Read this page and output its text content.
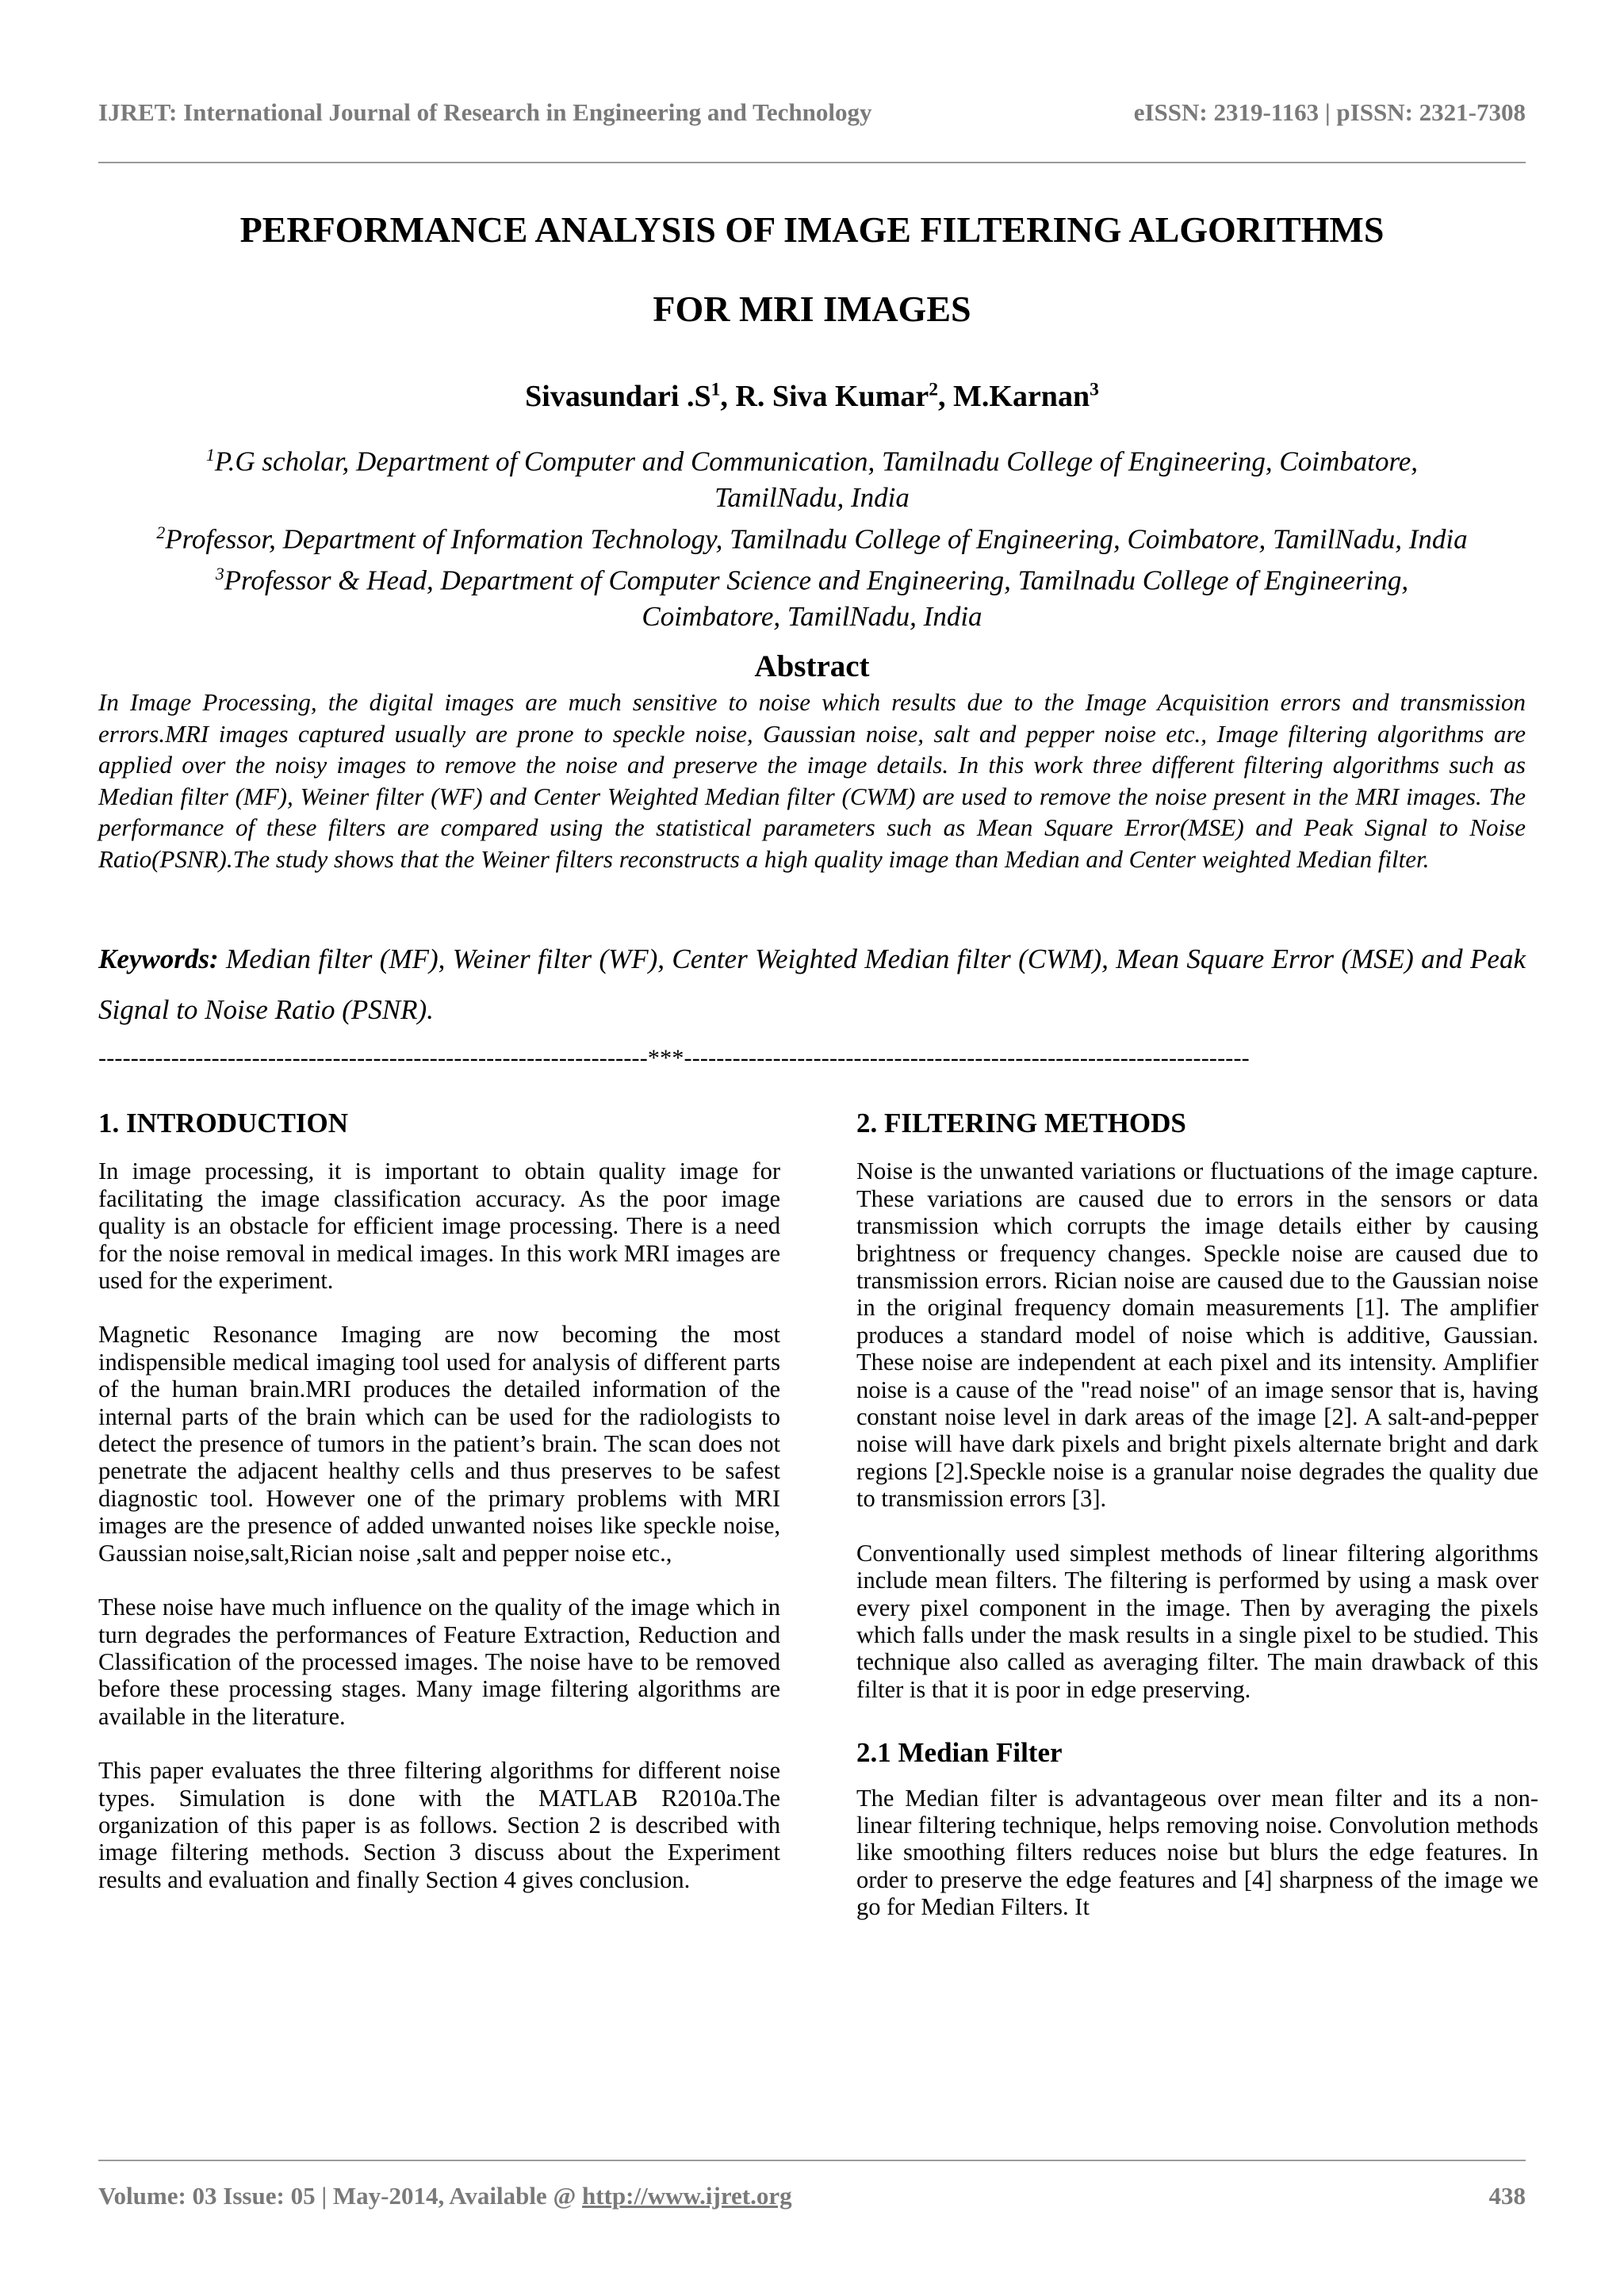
IJRET: International Journal of Research in Engineering and Technology	eISSN: 2319-1163 | pISSN: 2321-7308
PERFORMANCE ANALYSIS OF IMAGE FILTERING ALGORITHMS
FOR MRI IMAGES
Sivasundari $.S^1$, R. Siva Kumar$^2$, M.Karnan$^3$
$^1$P.G scholar, Department of Computer and Communication, Tamilnadu College of Engineering, Coimbatore,
TamilNadu, India
$^2$Professor, Department of Information Technology, Tamilnadu College of Engineering, Coimbatore, TamilNadu, India
$^3$Professor & Head, Department of Computer Science and Engineering, Tamilnadu College of Engineering,
Coimbatore, TamilNadu, India
Abstract
In Image Processing, the digital images are much sensitive to noise which results due to the Image Acquisition errors and transmission errors.MRI images captured usually are prone to speckle noise, Gaussian noise, salt and pepper noise etc., Image filtering algorithms are applied over the noisy images to remove the noise and preserve the image details. In this work three different filtering algorithms such as Median filter (MF), Weiner filter (WF) and Center Weighted Median filter (CWM) are used to remove the noise present in the MRI images. The performance of these filters are compared using the statistical parameters such as Mean Square Error(MSE) and Peak Signal to Noise Ratio(PSNR).The study shows that the Weiner filters reconstructs a high quality image than Median and Center weighted Median filter.
Keywords: Median filter (MF), Weiner filter (WF), Center Weighted Median filter (CWM), Mean Square Error (MSE) and Peak Signal to Noise Ratio (PSNR).
--------------------------------------------------------------------***----------------------------------------------------------------------
1. INTRODUCTION

In image processing, it is important to obtain quality image for facilitating the image classification accuracy. As the poor image quality is an obstacle for efficient image processing. There is a need for the noise removal in medical images. In this work MRI images are used for the experiment.

Magnetic Resonance Imaging are now becoming the most indispensible medical imaging tool used for analysis of different parts of the human brain.MRI produces the detailed information of the internal parts of the brain which can be used for the radiologists to detect the presence of tumors in the patient’s brain. The scan does not penetrate the adjacent healthy cells and thus preserves to be safest diagnostic tool. However one of the primary problems with MRI images are the presence of added unwanted noises like speckle noise, Gaussian noise,salt,Rician noise ,salt and pepper noise etc.,

These noise have much influence on the quality of the image which in turn degrades the performances of Feature Extraction, Reduction and Classification of the processed images. The noise have to be removed before these processing stages. Many image filtering algorithms are available in the literature.

This paper evaluates the three filtering algorithms for different noise types. Simulation is done with the MATLAB R2010a.The organization of this paper is as follows. Section 2 is described with image filtering methods. Section 3 discuss about the Experiment results and evaluation and finally Section 4 gives conclusion.

2. FILTERING METHODS

Noise is the unwanted variations or fluctuations of the image capture. These variations are caused due to errors in the sensors or data transmission which corrupts the image details either by causing brightness or frequency changes. Speckle noise are caused due to transmission errors. Rician noise are caused due to the Gaussian noise in the original frequency domain measurements [1]. The amplifier produces a standard model of noise which is additive, Gaussian. These noise are independent at each pixel and its intensity. Amplifier noise is a cause of the "read noise" of an image sensor that is, having constant noise level in dark areas of the image [2]. A salt-and-pepper noise will have dark pixels and bright pixels alternate bright and dark regions [2].Speckle noise is a granular noise degrades the quality due to transmission errors [3].

Conventionally used simplest methods of linear filtering algorithms include mean filters. The filtering is performed by using a mask over every pixel component in the image. Then by averaging the pixels which falls under the mask results in a single pixel to be studied. This technique also called as averaging filter. The main drawback of this filter is that it is poor in edge preserving.

2.1 Median Filter

The Median filter is advantageous over mean filter and its a non-linear filtering technique, helps removing noise. Convolution methods like smoothing filters reduces noise but blurs the edge features. In order to preserve the edge features and [4] sharpness of the image we go for Median Filters. It

Volume: 03 Issue: 05 | May-2014, Available @ http://www.ijret.org	438
